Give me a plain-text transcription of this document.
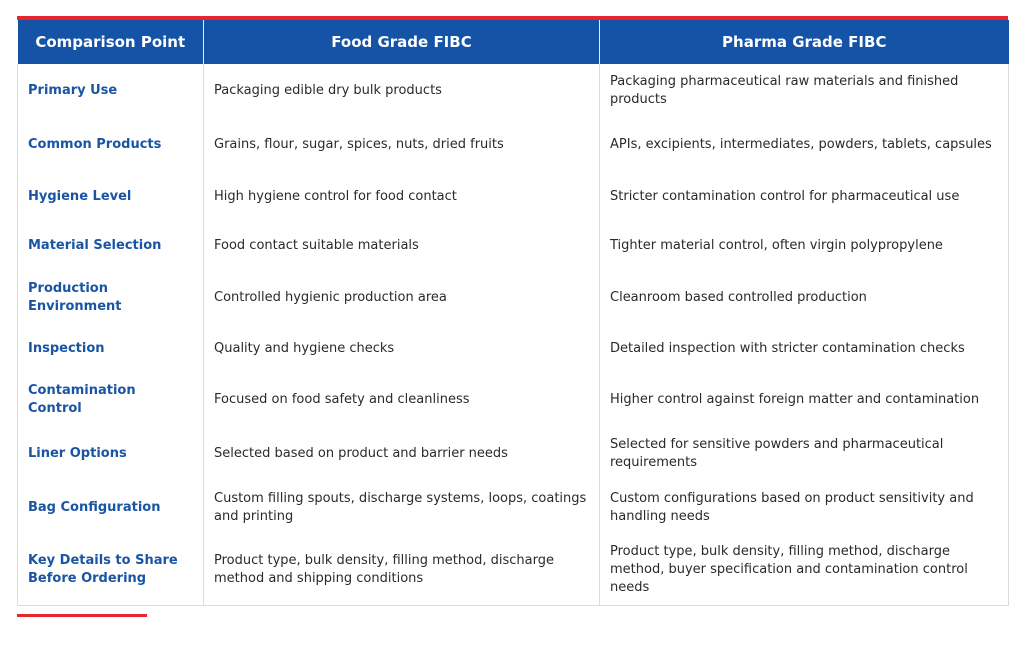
Comparison Point	Food Grade FIBC	Pharma Grade FIBC
Primary Use	Packaging edible dry bulk products	Packaging pharmaceutical raw materials and finished products
Common Products	Grains, flour, sugar, spices, nuts, dried fruits	APIs, excipients, intermediates, powders, tablets, capsules
Hygiene Level	High hygiene control for food contact	Stricter contamination control for pharmaceutical use
Material Selection	Food contact suitable materials	Tighter material control, often virgin polypropylene
Production Environment	Controlled hygienic production area	Cleanroom based controlled production
Inspection	Quality and hygiene checks	Detailed inspection with stricter contamination checks
Contamination Control	Focused on food safety and cleanliness	Higher control against foreign matter and contamination
Liner Options	Selected based on product and barrier needs	Selected for sensitive powders and pharmaceutical requirements
Bag Configuration	Custom filling spouts, discharge systems, loops, coatings and printing	Custom configurations based on product sensitivity and handling needs
Key Details to Share Before Ordering	Product type, bulk density, filling method, discharge method and shipping conditions	Product type, bulk density, filling method, discharge method, buyer specification and contamination control needs
